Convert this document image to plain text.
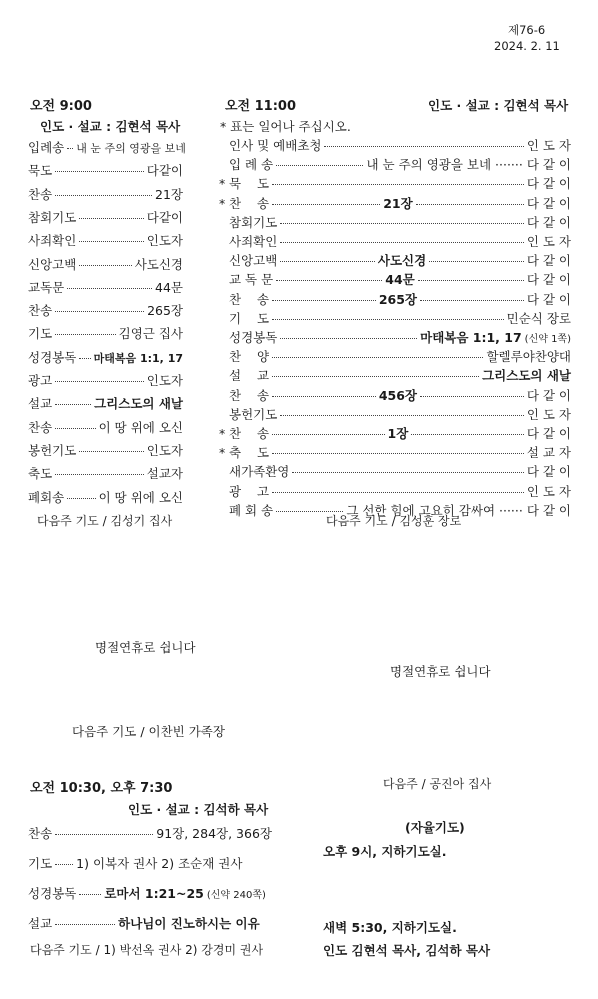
제76-6
2024. 2. 11
오전 9:00
인도 · 설교 : 김현석 목사
입례송 내 눈 주의 영광을 보네
묵도	다같이
찬송	21장
참회기도	다같이
사죄확인	인도자
신앙고백	사도신경
교독문	44문
찬송	265장
기도	김영근 집사
성경봉독 마태복음 1:1, 17
광고	인도자
설교	그리스도의 새날
찬송	이 땅 위에 오신
봉헌기도	인도자
축도	설교자
폐회송	이 땅 위에 오신
다음주 기도 / 김성기 집사
오전 11:00	인도 · 설교 : 김현석 목사
* 표는 일어나 주십시오.
인사 및 예배초청	인 도 자
입 례 송	내 눈 주의 영광을 보네 ······· 다 같 이
* 묵    도	다 같 이
* 찬    송	21장	다 같 이
참회기도	다 같 이
사죄확인	인 도 자
신앙고백	사도신경	다 같 이
교 독 문	44문	다 같 이
찬    송	265장	다 같 이
기    도	민순식 장로
성경봉독	마태복음 1:1, 17 (신약 1쪽)
찬    양	할렐루야찬양대
설    교	그리스도의 새날
찬    송	456장	다 같 이
봉헌기도	인 도 자
* 찬    송	1장	다 같 이
* 축    도	설 교 자
새가족환영	다 같 이
광    고	인 도 자
폐 회 송	그 선한 힘에 고요히 감싸여 ······ 다 같 이
다음주 기도 / 김성훈 장로
명절연휴로 쉽니다
명절연휴로 쉽니다
다음주 기도 / 이찬빈 가족장
다음주 / 공진아 집사
오전 10:30, 오후 7:30
인도 · 설교 : 김석하 목사
찬송	91장, 284장, 366장
기도 1) 이복자 권사 2) 조순재 권사
성경봉독 로마서 1:21~25 (신약 240쪽)
설교	하나님이 진노하시는 이유
다음주 기도 / 1) 박선옥 권사 2) 강경미 권사
(자율기도)
오후 9시, 지하기도실.
새벽 5:30, 지하기도실.
인도 김현석 목사, 김석하 목사
